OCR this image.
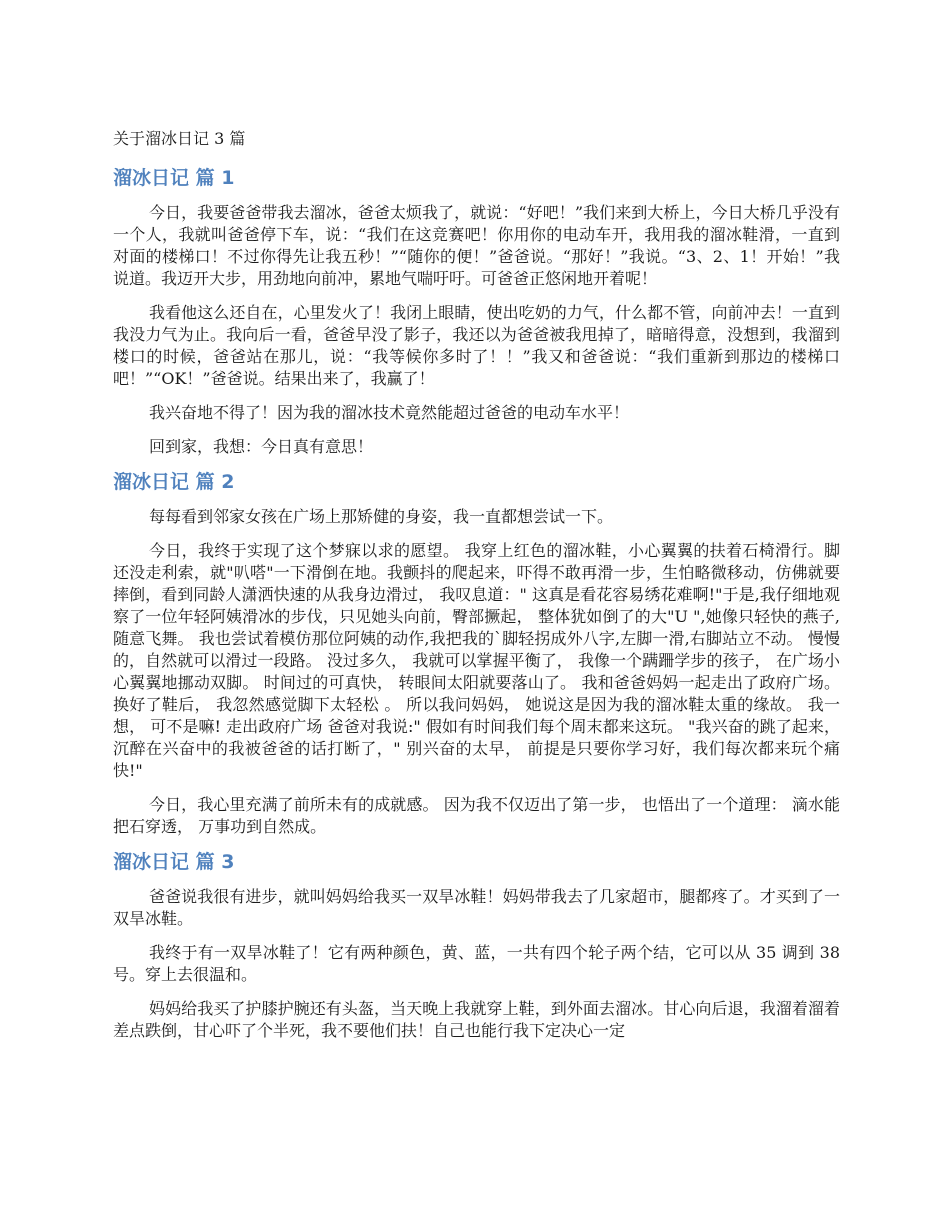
关于溜冰日记 3 篇
溜冰日记 篇 1

今日，我要爸爸带我去溜冰，爸爸太烦我了，就说：“好吧！”我们来到大桥上，今日大桥几乎没有一个人，我就叫爸爸停下车，说：“我们在这竞赛吧！你用你的电动车开，我用我的溜冰鞋滑，一直到对面的楼梯口！不过你得先让我五秒！”“随你的便！”爸爸说。“那好！”我说。“3、2、1！开始！”我说道。我迈开大步，用劲地向前冲，累地气喘吁吁。可爸爸正悠闲地开着呢！

我看他这么还自在，心里发火了！我闭上眼睛，使出吃奶的力气，什么都不管，向前冲去！一直到我没力气为止。我向后一看，爸爸早没了影子，我还以为爸爸被我甩掉了，暗暗得意，没想到，我溜到楼口的时候，爸爸站在那儿，说：“我等候你多时了！！”我又和爸爸说：“我们重新到那边的楼梯口吧！”“OK！”爸爸说。结果出来了，我赢了！

我兴奋地不得了！因为我的溜冰技术竟然能超过爸爸的电动车水平！

回到家，我想：今日真有意思！

溜冰日记 篇 2

每每看到邻家女孩在广场上那矫健的身姿，我一直都想尝试一下。

今日，我终于实现了这个梦寐以求的愿望。 我穿上红色的溜冰鞋，小心翼翼的扶着石椅滑行。脚还没走利索，就"叭嗒"一下滑倒在地。我颤抖的爬起来，吓得不敢再滑一步，生怕略微移动，仿佛就要摔倒，看到同龄人潇洒快速的从我身边滑过， 我叹息道：" 这真是看花容易绣花难啊!"于是,我仔细地观察了一位年轻阿姨滑冰的步伐，只见她头向前，臀部撅起， 整体犹如倒了的大"U ",她像只轻快的燕子,随意飞舞。 我也尝试着模仿那位阿姨的动作,我把我的`脚轻拐成外八字,左脚一滑,右脚站立不动。 慢慢的，自然就可以滑过一段路。 没过多久， 我就可以掌握平衡了， 我像一个蹒跚学步的孩子， 在广场小心翼翼地挪动双脚。 时间过的可真快， 转眼间太阳就要落山了。 我和爸爸妈妈一起走出了政府广场。 换好了鞋后， 我忽然感觉脚下太轻松 。 所以我问妈妈， 她说这是因为我的溜冰鞋太重的缘故。 我一想， 可不是嘛! 走出政府广场 爸爸对我说:" 假如有时间我们每个周末都来这玩。 "我兴奋的跳了起来， 沉醉在兴奋中的我被爸爸的话打断了，" 别兴奋的太早， 前提是只要你学习好，我们每次都来玩个痛快!"

今日，我心里充满了前所未有的成就感。 因为我不仅迈出了第一步， 也悟出了一个道理： 滴水能把石穿透， 万事功到自然成。

溜冰日记 篇 3

爸爸说我很有进步，就叫妈妈给我买一双旱冰鞋！妈妈带我去了几家超市，腿都疼了。才买到了一双旱冰鞋。

我终于有一双旱冰鞋了！它有两种颜色，黄、蓝，一共有四个轮子两个结，它可以从 35 调到 38 号。穿上去很温和。

妈妈给我买了护膝护腕还有头盔，当天晚上我就穿上鞋，到外面去溜冰。甘心向后退，我溜着溜着差点跌倒，甘心吓了个半死，我不要他们扶！自己也能行我下定决心一定
